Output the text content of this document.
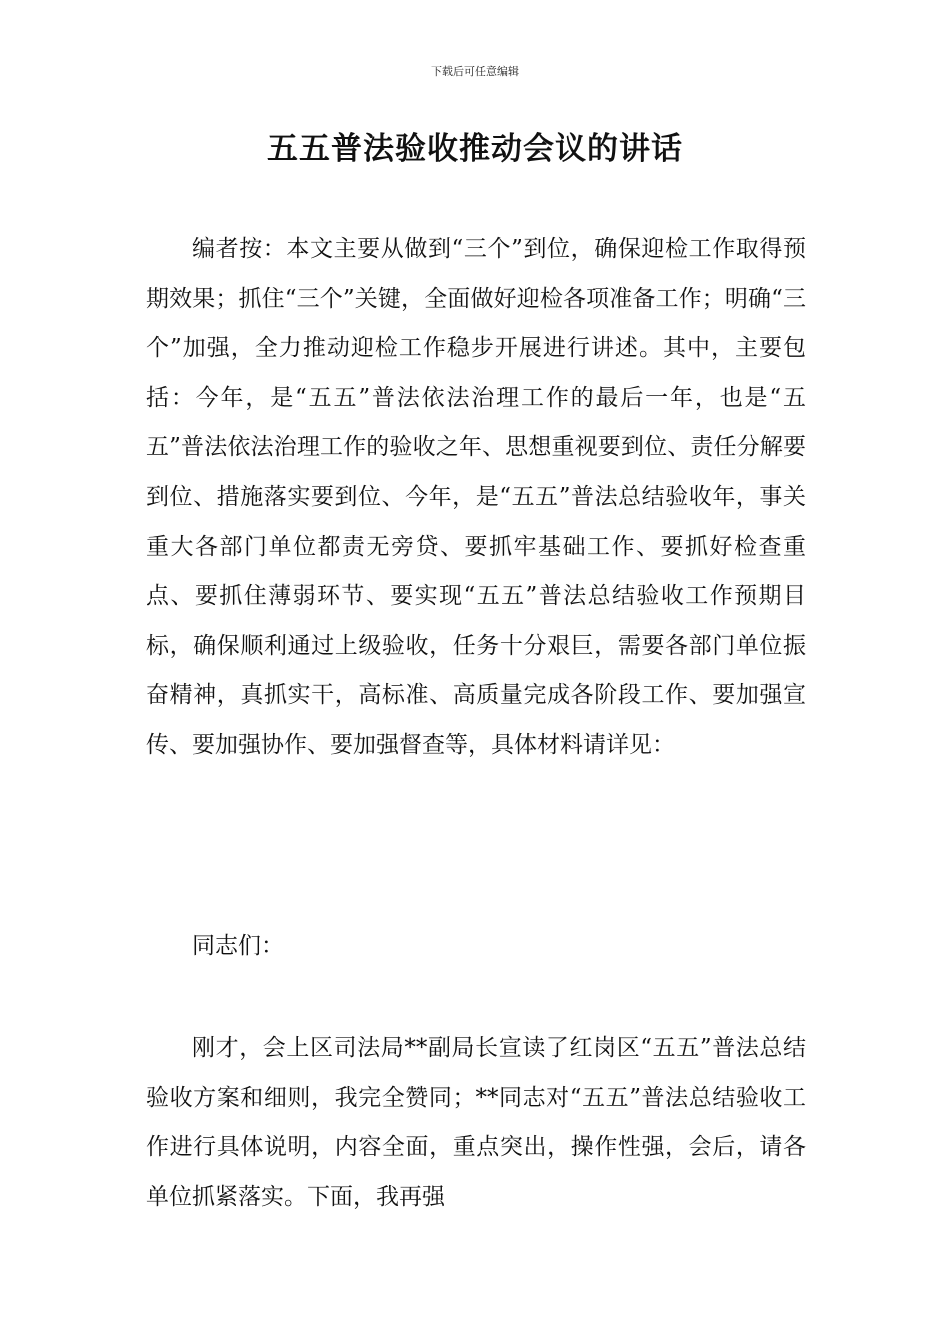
下载后可任意编辑
五五普法验收推动会议的讲话

编者按：本文主要从做到“三个”到位，确保迎检工作取得预期效果；抓住“三个”关键，全面做好迎检各项准备工作；明确“三个”加强，全力推动迎检工作稳步开展进行讲述。其中，主要包括：今年，是“五五”普法依法治理工作的最后一年，也是“五五”普法依法治理工作的验收之年、思想重视要到位、责任分解要到位、措施落实要到位、今年，是“五五”普法总结验收年，事关重大各部门单位都责无旁贷、要抓牢基础工作、要抓好检查重点、要抓住薄弱环节、要实现“五五”普法总结验收工作预期目标，确保顺利通过上级验收，任务十分艰巨，需要各部门单位振奋精神，真抓实干，高标准、高质量完成各阶段工作、要加强宣传、要加强协作、要加强督查等，具体材料请详见：

同志们：

刚才，会上区司法局**副局长宣读了红岗区“五五”普法总结验收方案和细则，我完全赞同；**同志对“五五”普法总结验收工作进行具体说明，内容全面，重点突出，操作性强，会后，请各单位抓紧落实。下面，我再强
